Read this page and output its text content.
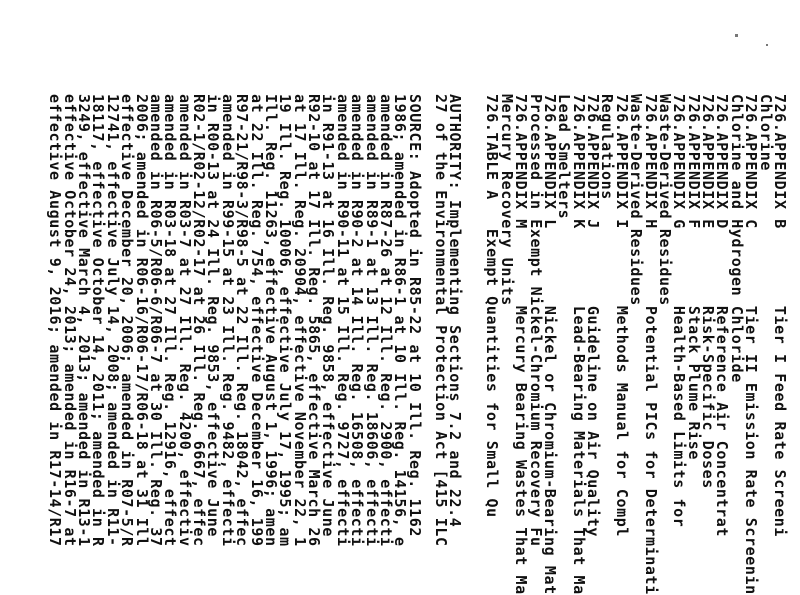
726.APPENDIX B        Tier I Feed Rate Screeni
Chlorine
726.APPENDIX C        Tier II Emission Rate Screenin
Chlorine and Hydrogen Chloride
726.APPENDIX D        Reference Air Concentrat
726.APPENDIX E        Risk-Specific Doses
726.APPENDIX F        Stack Plume Rise
726.APPENDIX G        Health-Based Limits for
Waste-Derived Residues
726.APPENDIX H        Potential PICs for Determinati
Waste-Derived Residues
726.APPENDIX I        Methods Manual for Compl
Regulations
726.APPENDIX J        Guideline on Air Quality
726.APPENDIX K        Lead-Bearing Materials That Ma
Lead Smelters
726.APPENDIX L        Nickel or Chromium-Bearing Mat
Processed in Exempt Nickel-Chromium Recovery Fu
726.APPENDIX M        Mercury Bearing Wastes That Ma
Mercury Recovery Units
726.TABLE A   Exempt Quantities for Small Qu
AUTHORITY: Implementing Sections 7.2 and 22.4
27 of the Environmental Protection Act [415 ILC
SOURCE: Adopted in R85-22 at 10 Ill. Reg. 1162
1986; amended in R86-1 at 10 Ill. Reg. 14156, e
amended in R87-26 at 12 Ill. Reg. 2900, effecti
amended in R89-1 at 13 Ill. Reg. 18606, effecti
amended in R90-2 at 14 Ill. Reg. 16508, effecti
amended in R90-11 at 15 Ill. Reg. 9727, effecti
in R91-13 at 16 Ill. Reg. 9858, effective June
R92-10 at 17 Ill. Reg. 5865, effective March 26
at 17 Ill. Reg. 20904, effective November 22, 1
19 Ill. Reg. 10006, effective July 17, 1995; am
Ill. Reg. 11263, effective August 1, 1996; amen
at 22 Ill. Reg. 754, effective December 16, 199
R97-21/R98-3/R98-5 at 22 Ill. Reg. 18042, effec
amended in R99-15 at 23 Ill. Reg. 9482, effecti
in R00-13 at 24 Ill. Reg. 9853, effective June
R02-1/R02-12/R02-17 at 26 Ill. Reg. 6667, effec
amended in R03-7 at 27 Ill. Reg. 4200, effectiv
amended in R03-18 at 27 Ill. Reg. 12916, effect
amended in R06-5/R06-6/R06-7 at 30 Ill. Reg. 37
2006; amended in R06-16/R06-17/R06-18 at 31 Ill
effective December 20, 2006; amended in R07-5/R
12741, effective July 14, 2008; amended in R11-
18117, effective October 14, 2011; amended in R
3249, effective March 4, 2013; amended in R13-1
effective October 24, 2013; amended in R16-7 at
effective August 9, 2016; amended in R17-14/R17
